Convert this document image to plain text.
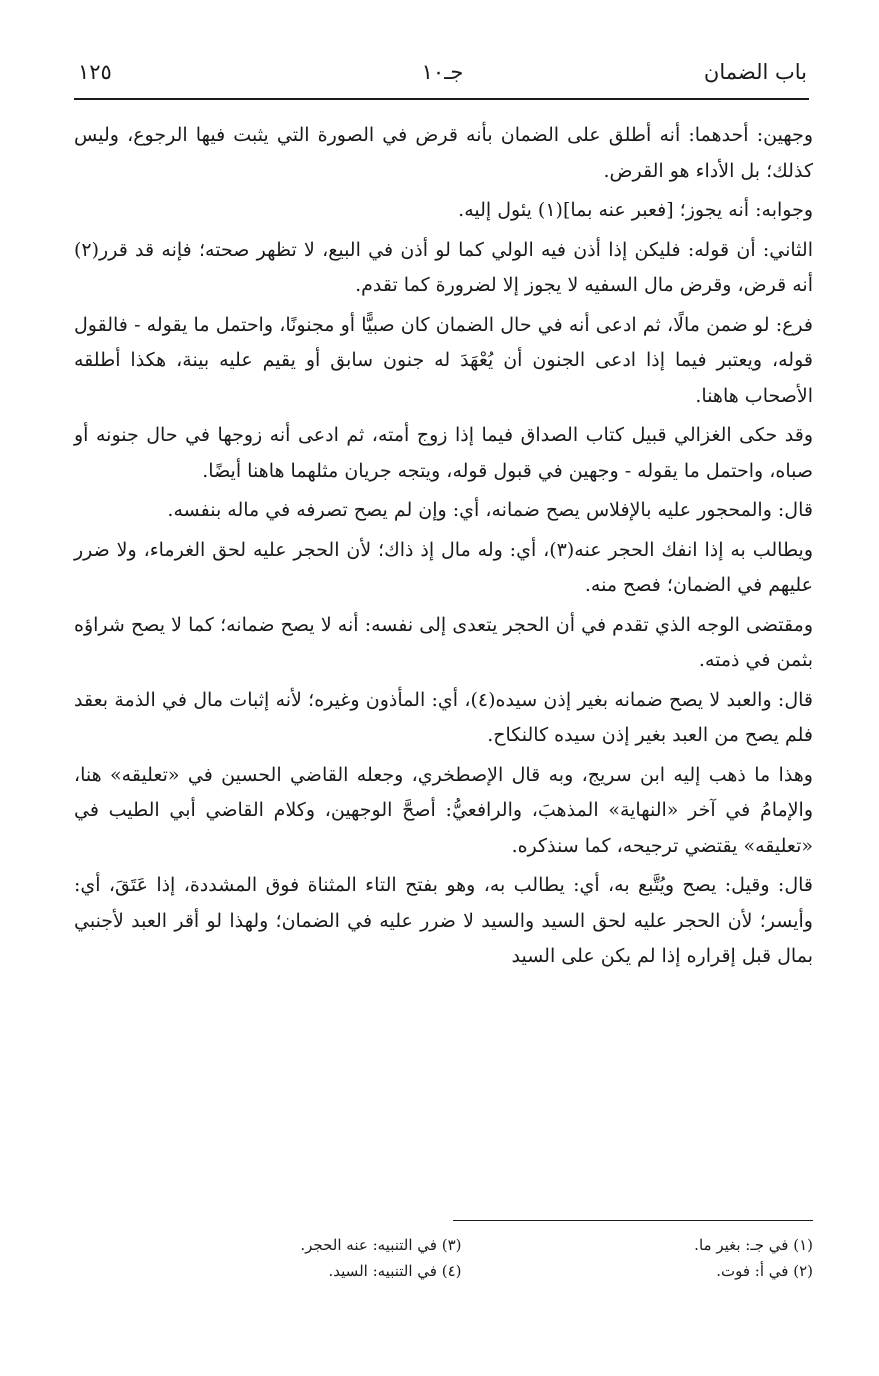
باب الضمان
جـ١٠
١٢٥

وجهين: أحدهما: أنه أطلق على الضمان بأنه قرض في الصورة التي يثبت فيها الرجوع، وليس كذلك؛ بل الأداء هو القرض.

وجوابه: أنه يجوز؛ [فعبر عنه بما](١) يئول إليه.

الثاني: أن قوله: فليكن إذا أذن فيه الولي كما لو أذن في البيع، لا تظهر صحته؛ فإنه قد قرر(٢) أنه قرض، وقرض مال السفيه لا يجوز إلا لضرورة كما تقدم.

فرع: لو ضمن مالًا، ثم ادعى أنه في حال الضمان كان صبيًّا أو مجنونًا، واحتمل ما يقوله - فالقول قوله، ويعتبر فيما إذا ادعى الجنون أن يُعْهَدَ له جنون سابق أو يقيم عليه بينة، هكذا أطلقه الأصحاب هاهنا.

وقد حكى الغزالي قبيل كتاب الصداق فيما إذا زوج أمته، ثم ادعى أنه زوجها في حال جنونه أو صباه، واحتمل ما يقوله - وجهين في قبول قوله، ويتجه جريان مثلهما هاهنا أيضًا.

قال: والمحجور عليه بالإفلاس يصح ضمانه، أي: وإن لم يصح تصرفه في ماله بنفسه.

ويطالب به إذا انفك الحجر عنه(٣)، أي: وله مال إذ ذاك؛ لأن الحجر عليه لحق الغرماء، ولا ضرر عليهم في الضمان؛ فصح منه.

ومقتضى الوجه الذي تقدم في أن الحجر يتعدى إلى نفسه: أنه لا يصح ضمانه؛ كما لا يصح شراؤه بثمن في ذمته.

قال: والعبد لا يصح ضمانه بغير إذن سيده(٤)، أي: المأذون وغيره؛ لأنه إثبات مال في الذمة بعقد فلم يصح من العبد بغير إذن سيده كالنكاح.

وهذا ما ذهب إليه ابن سريج، وبه قال الإصطخري، وجعله القاضي الحسين في «تعليقه» هنا، والإمامُ في آخر «النهاية» المذهبَ، والرافعيُّ: أصحَّ الوجهين، وكلام القاضي أبي الطيب في «تعليقه» يقتضي ترجيحه، كما سنذكره.

قال: وقيل: يصح ويُتَّبع به، أي: يطالب به، وهو بفتح التاء المثناة فوق المشددة، إذا عَتَقَ، أي: وأيسر؛ لأن الحجر عليه لحق السيد والسيد لا ضرر عليه في الضمان؛ ولهذا لو أقر العبد لأجنبي بمال قبل إقراره إذا لم يكن على السيد

(١) في جـ: بغير ما.
(٣) في التنبيه: عنه الحجر.
(٢) في أ: فوت.
(٤) في التنبيه: السيد.
